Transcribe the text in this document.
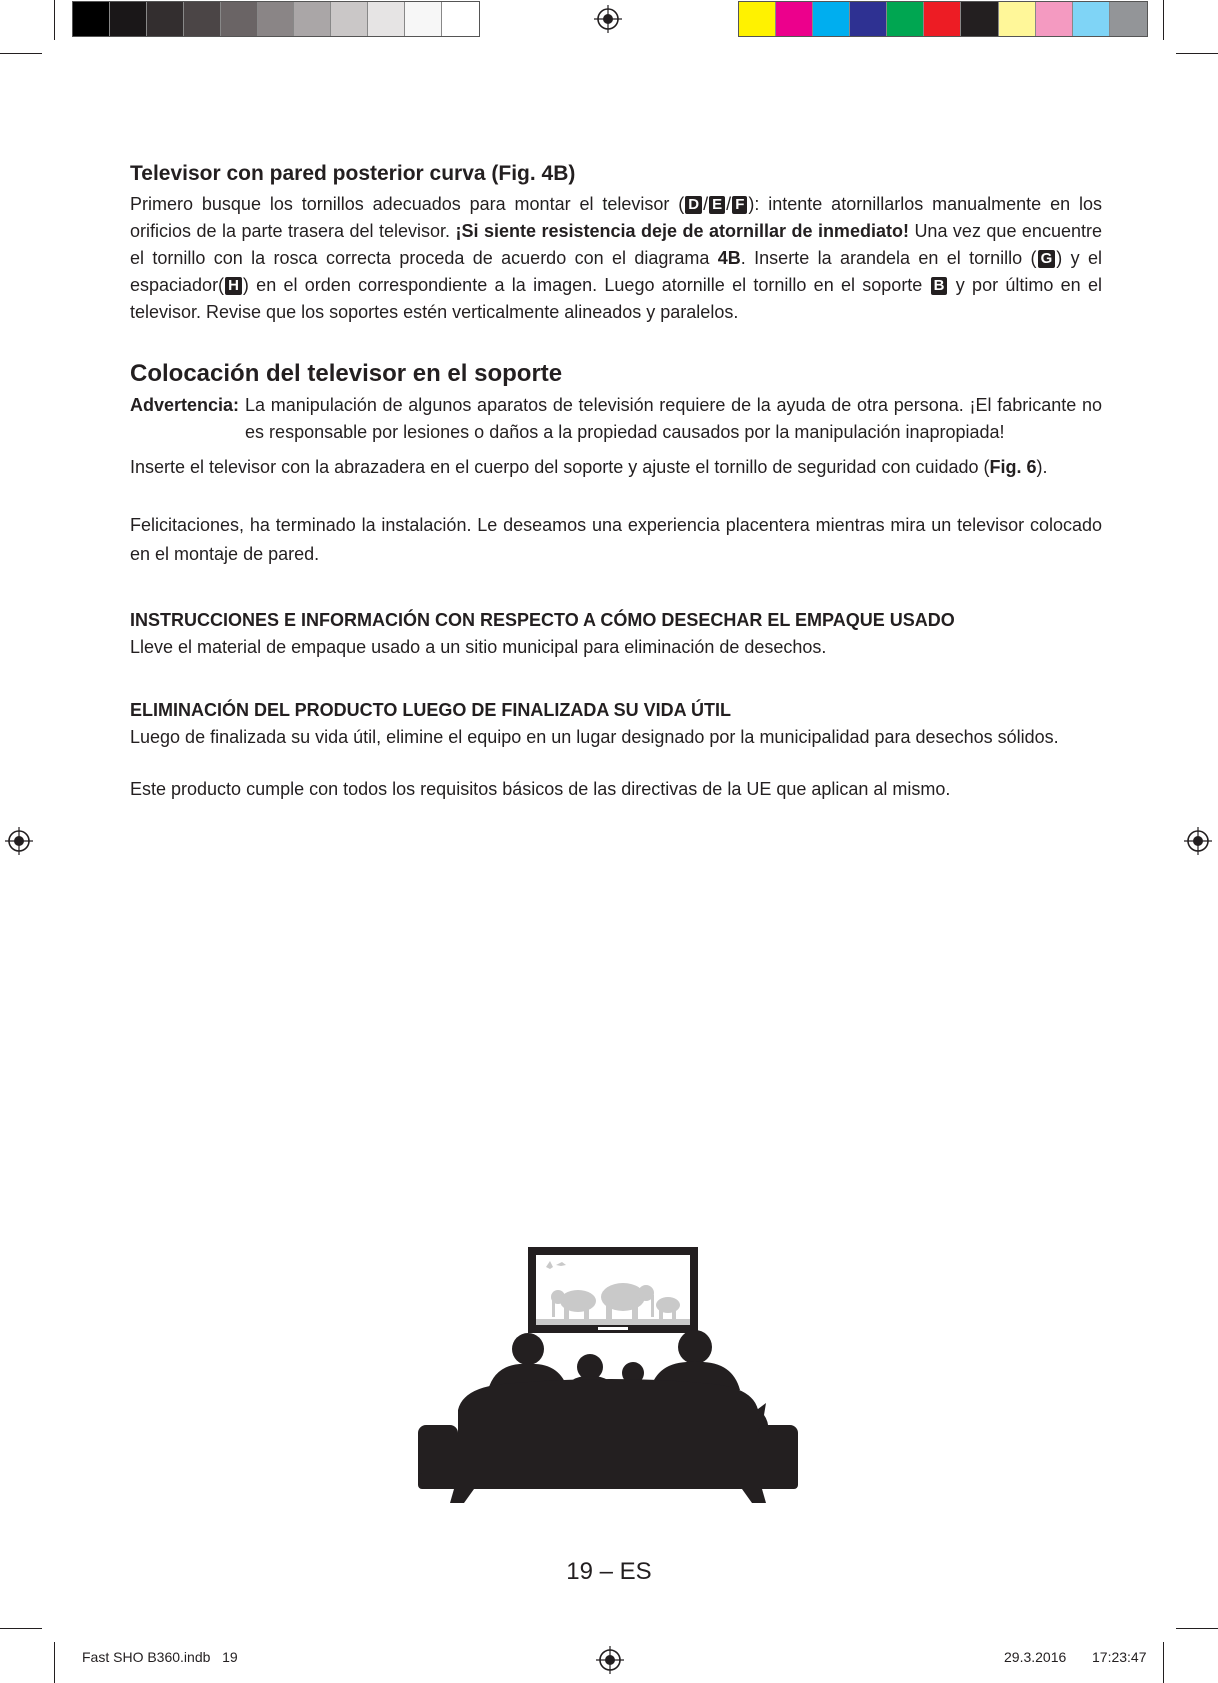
Televisor con pared posterior curva (Fig. 4B)

Primero busque los tornillos adecuados para montar el televisor ( D / E / F ): intente atornillarlos manualmente en los orificios de la parte trasera del televisor. ¡Si siente resistencia deje de atornillar de inmediato! Una vez que encuentre el tornillo con la rosca correcta proceda de acuerdo con el diagrama 4B. Inserte la arandela en el tornillo ( G ) y el espaciador( H ) en el orden correspondiente a la imagen. Luego atornille el tornillo en el soporte B y por último en el televisor. Revise que los soportes estén verticalmente alineados y paralelos.

Colocación del televisor en el soporte

Advertencia: La manipulación de algunos aparatos de televisión requiere de la ayuda de otra persona. ¡El fabricante no es responsable por lesiones o daños a la propiedad causados por la manipulación inapropiada!

Inserte el televisor con la abrazadera en el cuerpo del soporte y ajuste el tornillo de seguridad con cuidado (Fig. 6).

Felicitaciones, ha terminado la instalación. Le deseamos una experiencia placentera mientras mira un televisor colocado en el montaje de pared.

INSTRUCCIONES E INFORMACIÓN CON RESPECTO A CÓMO DESECHAR EL EMPAQUE USADO

Lleve el material de empaque usado a un sitio municipal para eliminación de desechos.

ELIMINACIÓN DEL PRODUCTO LUEGO DE FINALIZADA SU VIDA ÚTIL

Luego de finalizada su vida útil, elimine el equipo en un lugar designado por la municipalidad para desechos sólidos.

Este producto cumple con todos los requisitos básicos de las directivas de la UE que aplican al mismo.

19 – ES
Fast SHO B360.indb   19	29.3.2016 17:23:47
